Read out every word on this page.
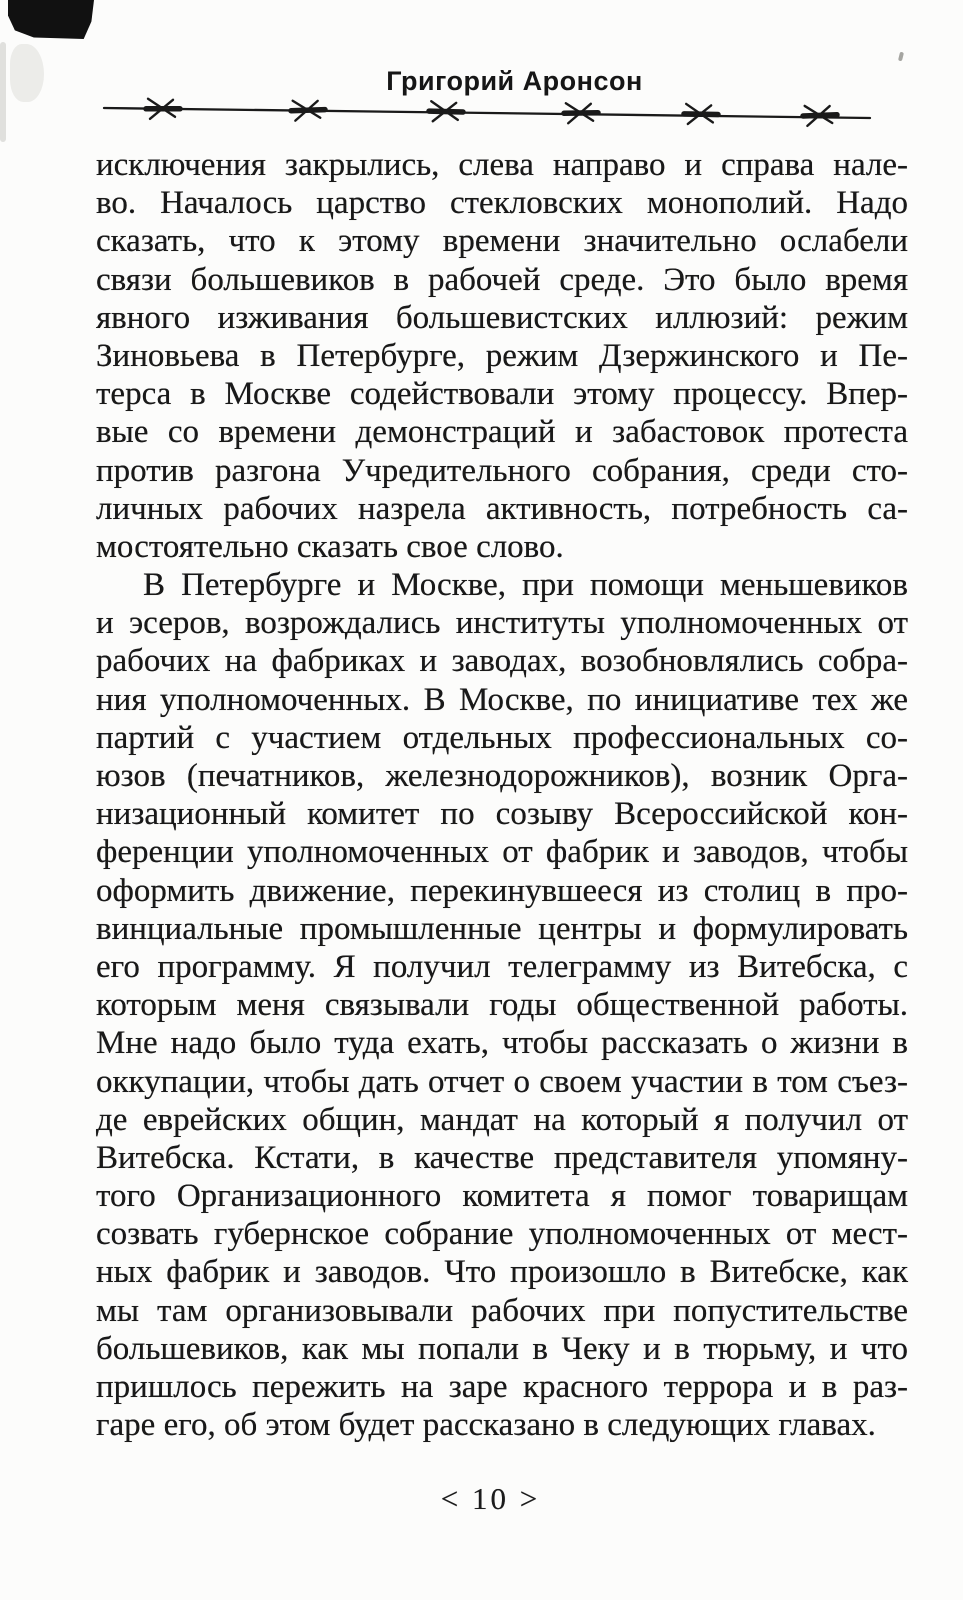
Григорий Аронсон
исключения закрылись, слева направо и справа нале-
во. Началось царство стекловских монополий. Надо
сказать, что к этому времени значительно ослабели
связи большевиков в рабочей среде. Это было время
явного изживания большевистских иллюзий: режим
Зиновьева в Петербурге, режим Дзержинского и Пе-
терса в Москве содействовали этому процессу. Впер-
вые со времени демонстраций и забастовок протеста
против разгона Учредительного собрания, среди сто-
личных рабочих назрела активность, потребность са-
мостоятельно сказать свое слово.
В Петербурге и Москве, при помощи меньшевиков
и эсеров, возрождались институты уполномоченных от
рабочих на фабриках и заводах, возобновлялись собра-
ния уполномоченных. В Москве, по инициативе тех же
партий с участием отдельных профессиональных со-
юзов (печатников, железнодорожников), возник Орга-
низационный комитет по созыву Всероссийской кон-
ференции уполномоченных от фабрик и заводов, чтобы
оформить движение, перекинувшееся из столиц в про-
винциальные промышленные центры и формулировать
его программу. Я получил телеграмму из Витебска, с
которым меня связывали годы общественной работы.
Мне надо было туда ехать, чтобы рассказать о жизни в
оккупации, чтобы дать отчет о своем участии в том съез-
де еврейских общин, мандат на который я получил от
Витебска. Кстати, в качестве представителя упомяну-
того Организационного комитета я помог товарищам
созвать губернское собрание уполномоченных от мест-
ных фабрик и заводов. Что произошло в Витебске, как
мы там организовывали рабочих при попустительстве
большевиков, как мы попали в Чеку и в тюрьму, и что
пришлось пережить на заре красного террора и в раз-
гаре его, об этом будет рассказано в следующих главах.
< 10 >
